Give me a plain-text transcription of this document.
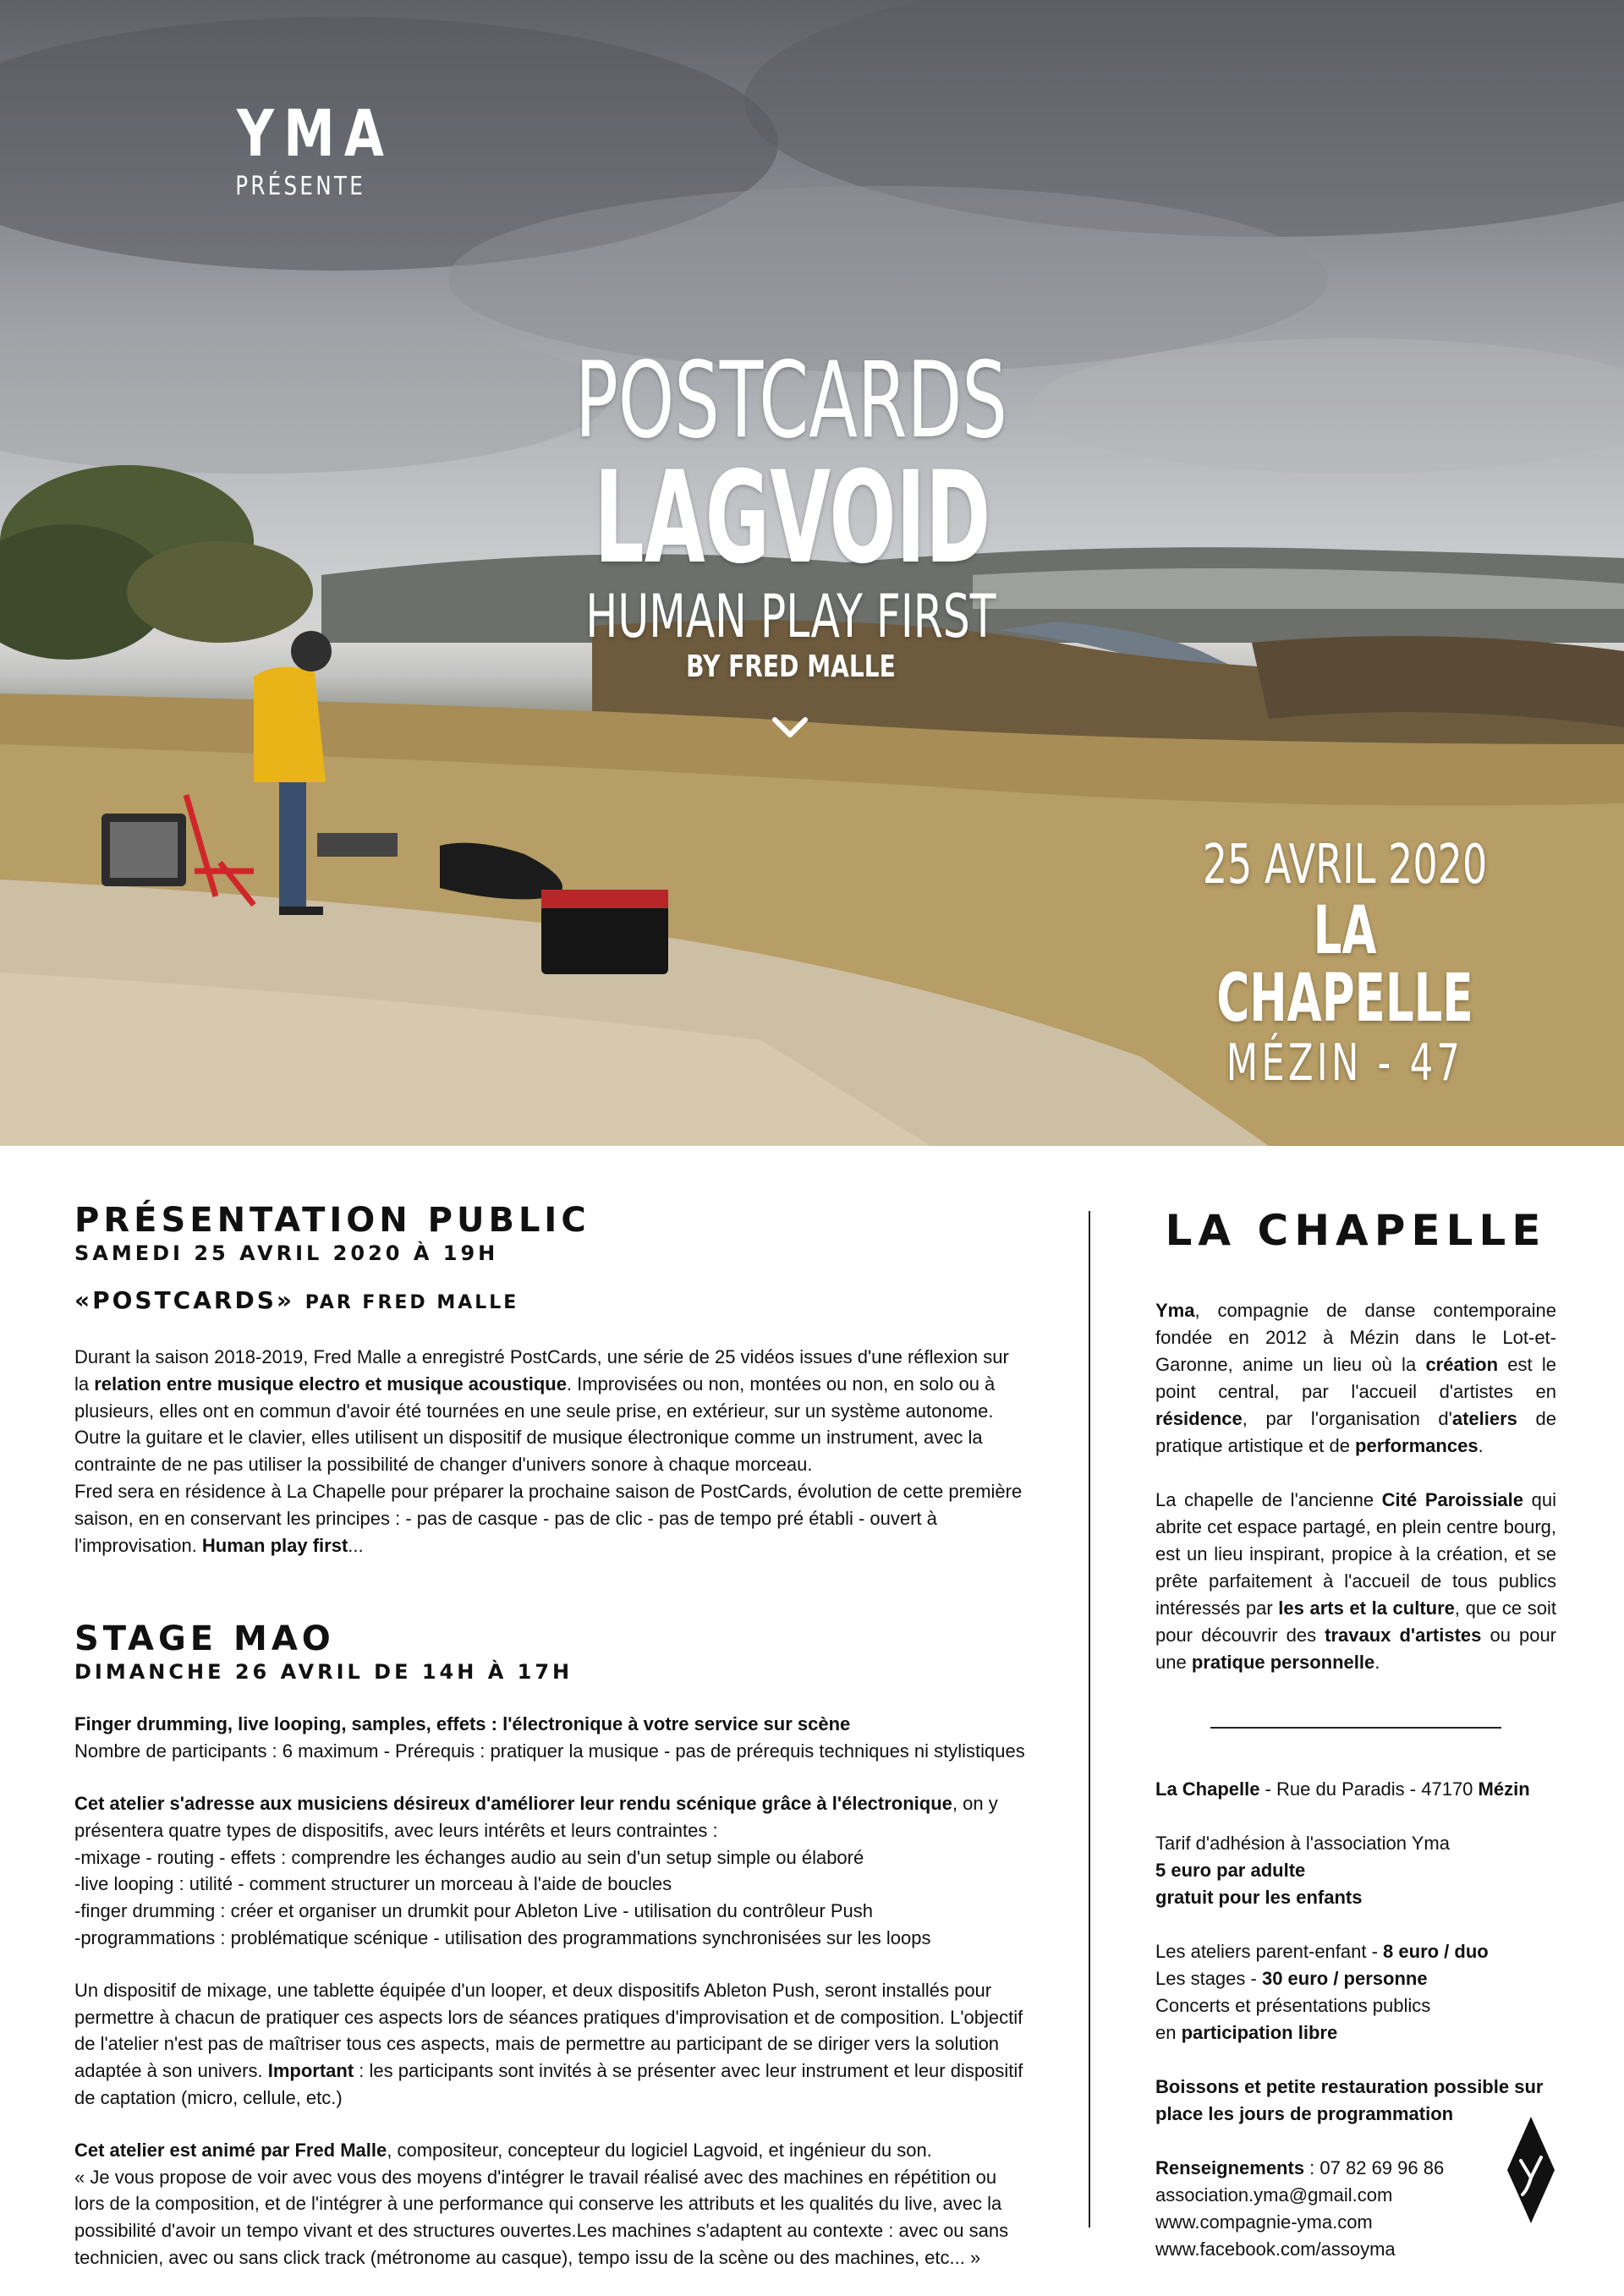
YMA
PRÉSENTE
POSTCARDS
LAGVOID
HUMAN PLAY FIRST
BY FRED MALLE
25 AVRIL 2020
LA CHAPELLE
MÉZIN - 47
PRÉSENTATION PUBLIC
SAMEDI 25 AVRIL 2020 À 19H
«POSTCARDS» PAR FRED MALLE

Durant la saison 2018-2019, Fred Malle a enregistré PostCards, une série de 25 vidéos issues d'une réflexion sur la relation entre musique electro et musique acoustique. Improvisées ou non, montées ou non, en solo ou à plusieurs, elles ont en commun d'avoir été tournées en une seule prise, en extérieur, sur un système autonome. Outre la guitare et le clavier, elles utilisent un dispositif de musique électronique comme un instrument, avec la contrainte de ne pas utiliser la possibilité de changer d'univers sonore à chaque morceau.

Fred sera en résidence à La Chapelle pour préparer la prochaine saison de PostCards, évolution de cette première saison, en en conservant les principes : - pas de casque - pas de clic - pas de tempo pré établi - ouvert à l'improvisation. Human play first...

STAGE MAO
DIMANCHE 26 AVRIL DE 14H À 17H

Finger drumming, live looping, samples, effets : l'électronique à votre service sur scène
Nombre de participants : 6 maximum - Prérequis : pratiquer la musique - pas de prérequis techniques ni stylistiques

Cet atelier s'adresse aux musiciens désireux d'améliorer leur rendu scénique grâce à l'électronique, on y présentera quatre types de dispositifs, avec leurs intérêts et leurs contraintes :
-mixage - routing - effets : comprendre les échanges audio au sein d'un setup simple ou élaboré
-live looping : utilité - comment structurer un morceau à l'aide de boucles
-finger drumming : créer et organiser un drumkit pour Ableton Live - utilisation du contrôleur Push
-programmations : problématique scénique - utilisation des programmations synchronisées sur les loops

Un dispositif de mixage, une tablette équipée d'un looper, et deux dispositifs Ableton Push, seront installés pour permettre à chacun de pratiquer ces aspects lors de séances pratiques d'improvisation et de composition. L'objectif de l'atelier n'est pas de maîtriser tous ces aspects, mais de permettre au participant de se diriger vers la solution adaptée à son univers. Important : les participants sont invités à se présenter avec leur instrument et leur dispositif de captation (micro, cellule, etc.)

Cet atelier est animé par Fred Malle, compositeur, concepteur du logiciel Lagvoid, et ingénieur du son.
« Je vous propose de voir avec vous des moyens d'intégrer le travail réalisé avec des machines en répétition ou lors de la composition, et de l'intégrer à une performance qui conserve les attributs et les qualités du live, avec la possibilité d'avoir un tempo vivant et des structures ouvertes.Les machines s'adaptent au contexte : avec ou sans technicien, avec ou sans click track (métronome au casque), tempo issu de la scène ou des machines, etc... »

LA CHAPELLE

Yma, compagnie de danse contemporaine fondée en 2012 à Mézin dans le Lot-et-Garonne, anime un lieu où la création est le point central, par l'accueil d'artistes en résidence, par l'organisation d'ateliers de pratique artistique et de performances.

La chapelle de l'ancienne Cité Paroissiale qui abrite cet espace partagé, en plein centre bourg, est un lieu inspirant, propice à la création, et se prête parfaitement à l'accueil de tous publics intéressés par les arts et la culture, que ce soit pour découvrir des travaux d'artistes ou pour une pratique personnelle.

La Chapelle - Rue du Paradis - 47170 Mézin

Tarif d'adhésion à l'association Yma
5 euro par adulte
gratuit pour les enfants

Les ateliers parent-enfant - 8 euro / duo
Les stages - 30 euro / personne
Concerts et présentations publics
en participation libre

Boissons et petite restauration possible sur place les jours de programmation

Renseignements : 07 82 69 96 86
association.yma@gmail.com
www.compagnie-yma.com
www.facebook.com/assoyma
